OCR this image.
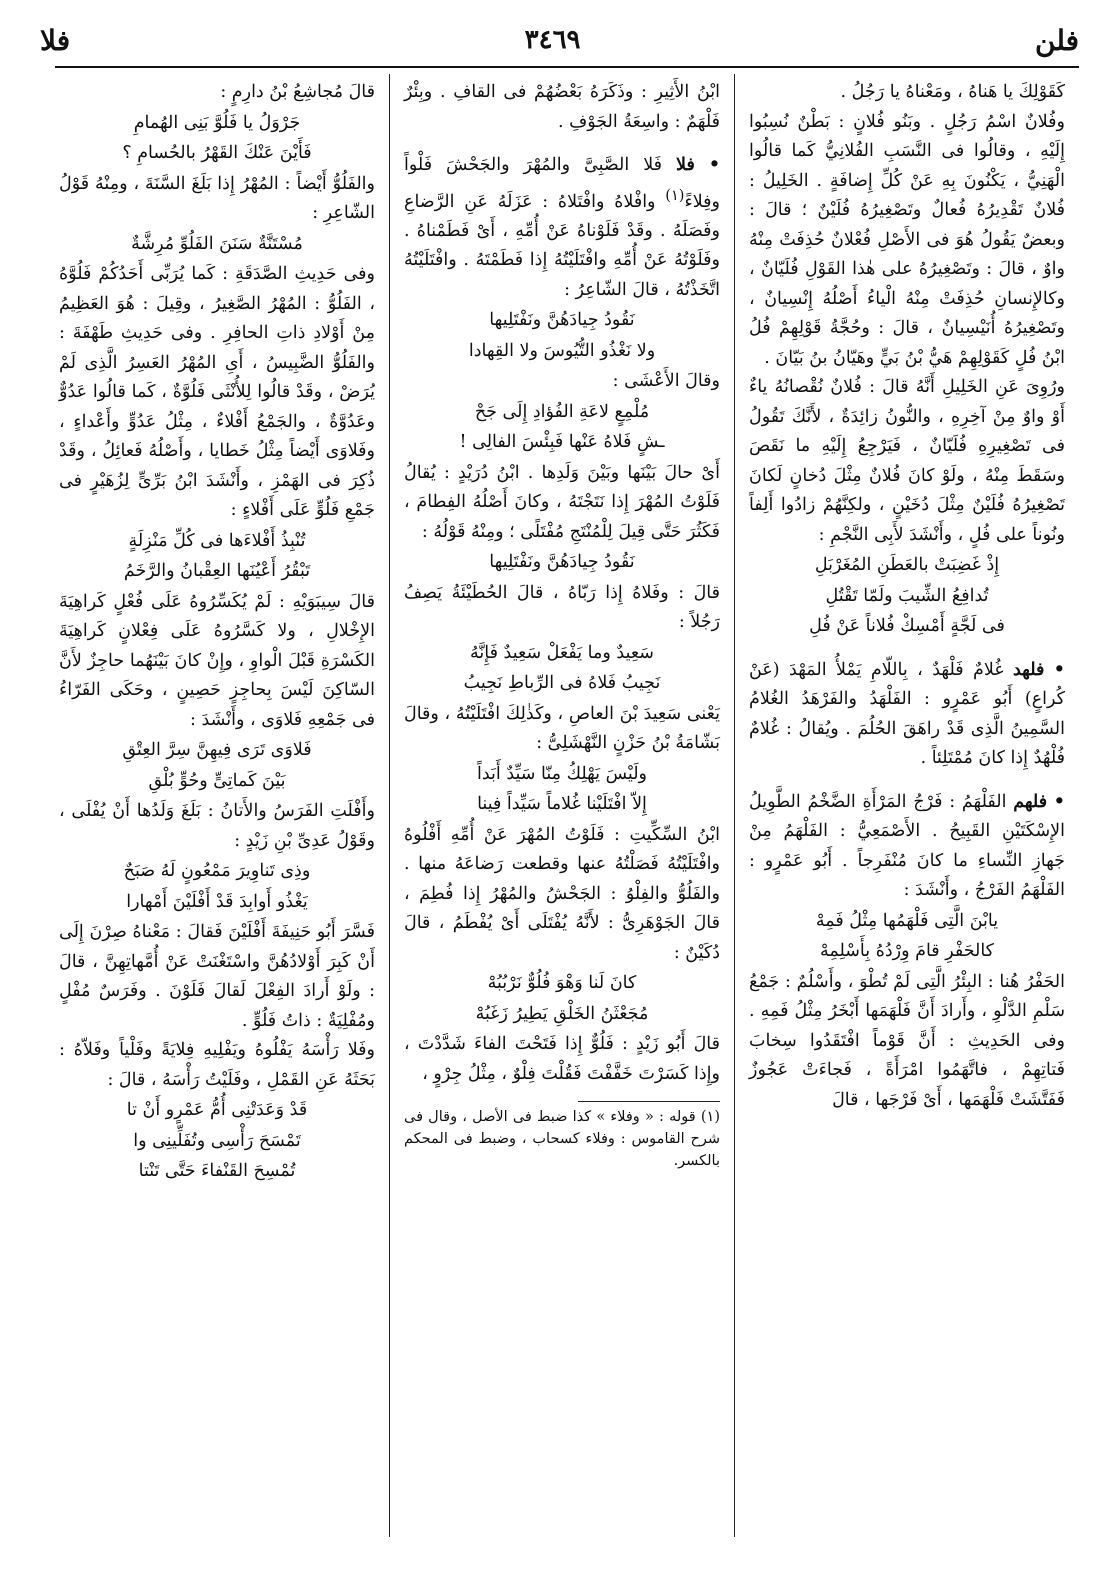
فلن
٣٤٦٩
فلا

كَقَوْلِكَ يا هَناهُ ، ومَعْناهُ يا رَجُلُ .

وفُلانٌ اسْمُ رَجُلٍ . وبَنُو فُلانٍ : بَطْنٌ نُسِبُوا إِلَيْهِ ، وقالُوا فى النَّسَبِ الفُلانِيُّ كَما قالُوا الْهَنِيُّ ، يَكْنُونَ بِهِ عَنْ كُلِّ إِضافَةٍ . الخَلِيلُ : فُلانٌ تَقْدِيرُهُ فُعالٌ وتَصْغِيرُهُ فُلَيْنٌ ؛ قالَ : وبعضٌ يَقُولُ هُوَ فى الأَصْلِ فُعْلانٌ حُذِفَتْ مِنْهُ واوٌ ، قالَ : وتَصْغِيرُهُ على هٰذا القَوْلِ فُلَيّانٌ ، وكالإِنسانِ حُذِفَتْ مِنْهُ الْياءُ أَصْلُهُ إِنْسِيانٌ ، وتَصْغِيرُهُ أُنَيْسِيانٌ ، قالَ : وحُجَّةُ قَوْلِهِمْ فُلُ ابْنُ فُلٍ كَقَوْلِهِمْ هَيُّ بْنُ بَيٍّ وهَيّانُ بنُ بَيّانَ .

ورُوِىَ عَنِ الخَلِيلِ أَنَّهُ قالَ : فُلانٌ نُقْصانُهُ ياءٌ أَوْ واوٌ مِنْ آخِرِهِ ، والنُّونُ زائِدَةٌ ، لأَنَّكَ تَقُولُ فى تَصْغِيرِهِ فُلَيّانٌ ، فَيَرْجِعُ إِلَيْهِ ما نَقَصَ وسَقَطَ مِنْهُ ، ولَوْ كانَ فُلانٌ مِثْلَ دُخانٍ لَكانَ تَصْغِيرُهُ فُلَيْنٌ مِثْلَ دُخَيْنٍ ، ولكِنَّهُمْ زادُوا أَلِفاً ونُوناً على فُلٍ ، وأَنْشَدَ لأَبِى النَّجْمِ :

إِذْ غَضِبَتْ بالعَطَنِ المُغَرْبَلِ
تُدافِعُ الشِّيبَ ولَمّا تَقْتُلِ
فى لَجَّةٍ أَمْسِكْ فُلاناً عَنْ فُلِ

• فلهد غُلامٌ فَلْهَدٌ ، بِاللّامِ يَمْلأُ المَهْدَ (عَنْ كُراعٍ) أَبُو عَمْرٍو : الفَلْهَدُ والفَرْهَدُ الغُلامُ السَّمِينُ الَّذِى قَدْ راهَقَ الحُلُمَ . ويُقالُ : غُلامٌ فُلْهُدٌ إِذا كانَ مُمْتَلِئاً .

• فلهم الفَلْهَمُ : فَرْجُ المَرْأَةِ الضَّخْمُ الطَّوِيلُ الإِسْكَتَيْنِ القَبِيحُ . الأَصْمَعِيُّ : الفَلْهَمُ مِنْ جَهازِ النِّساءِ ما كانَ مُنْفَرِجاً . أَبُو عَمْرٍو : الفَلْهَمُ الفَرْجُ ، وأَنْشَدَ :

يابْنَ الَّتِى فَلْهَمُها مِثْلُ فَمِهْ
كالحَفْرِ قامَ وِرْدُهُ بِأَسْلِمِهْ

الحَفْرُ هُنا : البِئْرُ الَّتِى لَمْ تُطْوَ ، وأَسْلُمٌ : جَمْعُ سَلْمِ الدَّلْوِ ، وأَرادَ أَنَّ فَلْهَمَها أَبْخَرُ مِثْلُ فَمِهِ . وفى الحَدِيثِ : أَنَّ قَوْماً افْتَقَدُوا سِخابَ فَتاتِهِمْ ، فاتَّهَمُوا امْرَأَةً ، فَجاءَتْ عَجُوزٌ فَفَتَّشَتْ فَلْهَمَها ، أَىْ فَرْجَها ، قالَ

ابْنُ الأَثِيرِ : وذَكَرَهُ بَعْضُهُمْ فى القافِ . وبِئْرٌ فَلْهَمٌ : واسِعَةُ الجَوْفِ .

• فلا فَلا الصَّبِىَّ والمُهْرَ والجَحْشَ فَلْواً وفِلاءً$^{(١)}$ وافْلاهُ وافْتَلاهُ : عَزَلَهُ عَنِ الرَّضاعِ وفَصَلَهُ . وقَدْ فَلَوْناهُ عَنْ أُمِّهِ ، أَىْ فَطَمْناهُ . وفَلَوْتُهُ عَنْ أُمِّهِ وافْتَلَيْتُهُ إِذا فَطَمْتَهُ . وافْتَلَيْتُهُ اتَّخَذْتُهُ ، قالَ الشّاعِرُ :

نَقُودُ جِيادَهُنَّ ونَفْتَلِيها
ولا نَغْذُو التُّيُوسَ ولا القِهادا

وقالَ الأَعْشَى :

مُلْمِعٍ لاعَةِ الفُؤادِ إِلَى جَحْ
ـشٍ فَلاهُ عَنْها فَبِئْسَ الفالِى !

أَىْ حالَ بَيْنَها وبَيْنَ وَلَدِها . ابْنُ دُرَيْدٍ : يُقالُ فَلَوْتُ المُهْرَ إِذا نَتَجْتَهُ ، وكانَ أَصْلُهُ الفِطامَ ، فَكَثُرَ حَتَّى قِيلَ لِلْمُنْتَجِ مُفْتَلًى ؛ ومِنْهُ قَوْلُهُ :

نَقُودُ جِيادَهُنَّ ونَفْتَلِيها

قالَ : وفَلاهُ إِذا رَبّاهُ ، قالَ الحُطَيْئَةُ يَصِفُ رَجُلاً :

سَعِيدٌ وما يَفْعَلْ سَعِيدٌ فَإِنَّهُ
نَجِيبُ فَلاهُ فى الرِّباطِ نَجِيبُ

يَعْنى سَعِيدَ بْنَ العاصِ ، وكَذٰلِكَ افْتَلَيْتُهُ ، وقالَ بَشّامَةُ بْنُ حَزْنٍ النَّهْشَلِىُّ :

ولَيْسَ يَهْلِكُ مِنّا سَيِّدٌ أَبَداً
إِلاّ افْتَلَيْنا غُلاماً سَيِّداً فِينا

ابْنُ السِّكِّيتِ : فَلَوْتُ المُهْرَ عَنْ أُمِّهِ أَفْلُوهُ وافْتَلَيْتُهُ فَصَلْتُهُ عنها وقطعت رَضاعَهُ منها . والفَلُوُّ والفِلْوُ : الجَحْشُ والمُهْرُ إِذا فُطِمَ ، قالَ الجَوْهَرِىُّ : لأَنَّهُ يُفْتَلَى أَىْ يُفْطَمُ ، قالَ دُكَيْنٌ :

كانَ لَنا وَهْوَ فُلُوٌّ نَرْبُبُهْ
مُجَعْثَنُ الخَلْقِ يَطِيرُ زَغَبُهْ

قالَ أَبُو زَيْدٍ : فَلُوٌّ إِذا فَتَحْتَ الفاءَ شَدَّدْتَ ، وإِذا كَسَرْتَ خَفَّفْتَ فَقُلْتَ فِلْوٌ ، مِثْلُ جِرْوٍ ،

(١) قوله : « وفلاء » كذا ضبط فى الأصل ، وقال فى شرح القاموس : وفلاء كسحاب ، وضبط فى المحكم بالكسر.

قالَ مُجاشِعُ بْنُ دارِمٍ :

جَرْوَلُ يا فَلُوَّ بَنِى الهُمامِ
فَأَيْنَ عَنْكَ القَهْرُ بالحُسامِ ؟

والفَلُوُّ أَيْضاً : المُهْرُ إِذا بَلَغَ السَّنَةَ ، ومِنْهُ قَوْلُ الشّاعِرِ :

مُسْتَنَّةٌ سَنَنَ الفَلُوِّ مُرِشَّةٌ

وفى حَدِيثِ الصَّدَقَةِ : كَما يُرَبِّى أَحَدُكُمْ فَلُوَّهُ ، الفَلُوُّ : المُهْرُ الصَّغِيرُ ، وقِيلَ : هُوَ العَظِيمُ مِنْ أَوْلادِ ذاتِ الحافِرِ . وفى حَدِيثِ طَهْفَةَ : والفَلُوُّ الضَّبِيسُ ، أَىِ المُهْرُ العَسِرُ الَّذِى لَمْ يُرَضْ ، وقَدْ قالُوا لِلأُنْثَى فَلُوَّةٌ ، كَما قالُوا عَدُوٌّ وعَدُوَّةٌ ، والجَمْعُ أَفْلاءٌ ، مِثْلُ عَدُوٍّ وأَعْداءٍ ، وفَلاوَى أَيْضاً مِثْلُ خَطايا ، وأَصْلُهُ فَعائِلُ ، وقَدْ ذُكِرَ فى الهَمْزِ ، وأَنْشَدَ ابْنُ بَرِّىٍّ لِزُهَيْرٍ فى جَمْعِ فَلُوٍّ عَلَى أَفْلاءٍ :

تُنْبِذُ أَفْلاءَها فى كُلِّ مَنْزِلَةٍ
تَبْقُرُ أَعْيُنَها العِقْبانُ والرَّخَمُ

قالَ سِيبَوَيْهِ : لَمْ يُكَسِّرُوهُ عَلَى فُعْلٍ كَراهِيَةَ الإِخْلالِ ، ولا كَسَّرُوهُ عَلَى فِعْلانٍ كَراهِيَةَ الكَسْرَةِ قَبْلَ الْواوِ ، وإِنْ كانَ بَيْنَهُما حاجِزٌ لأَنَّ السّاكِنَ لَيْسَ بِحاجِزٍ حَصِينٍ ، وحَكَى الفَرّاءُ فى جَمْعِهِ فَلاوَى ، وأَنْشَدَ :

فَلاوَى تَرَى فِيهِنَّ سِرَّ العِتْقِ
بَيْنَ كَماتِىٍّ وحُوٍّ بُلْقِ

وأَفْلَتِ الفَرَسُ والأَتانُ : بَلَغَ وَلَدُها أَنْ يُفْلَى ، وقَوْلُ عَدِىِّ بْنِ زَيْدٍ :

وذِى تَناوِيرَ مَمْعُونٍ لَهُ صَبَحٌ
يَغْذُو أَوابِدَ قَدْ أَفْلَيْنَ أَمْهارا

فَسَّرَ أَبُو حَنِيفَةَ أَفْلَيْنَ فَقالَ : مَعْناهُ صِرْنَ إِلَى أَنْ كَبِرَ أَوْلادُهُنَّ واسْتَغْنَتْ عَنْ أُمَّهاتِهِنَّ ، قالَ : ولَوْ أَرادَ الفِعْلَ لَقالَ فَلَوْنَ . وفَرَسٌ مُفْلٍ ومُفْلِيَةٌ : ذاتُ فَلُوٍّ .

وفَلا رَأْسَهُ يَفْلُوهُ ويَفْلِيهِ فِلايَةً وفَلْياً وفَلاّهُ : بَحَثَهُ عَنِ القَمْلِ ، وفَلَيْتُ رَأْسَهُ ، قالَ :

قَدْ وَعَدَتْنِى أُمُّ عَمْرٍو أَنْ تا
تَمْسَحَ رَأْسِى وتُفَلِّينِى وا
تُمْسِحَ القَنْفاءَ حَتَّى تَنْتا
